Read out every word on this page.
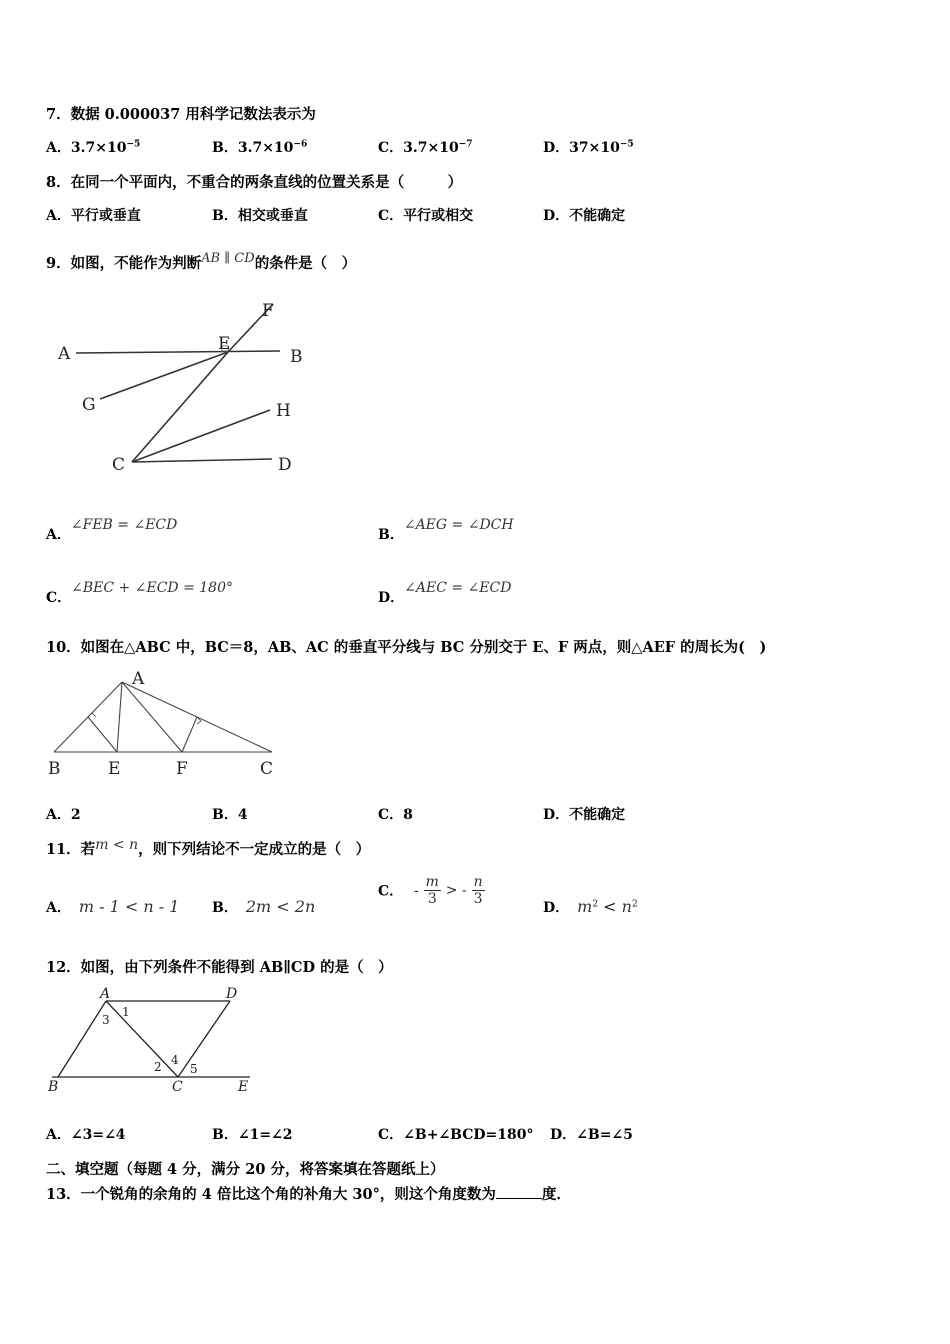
7．数据 0.000037 用科学记数法表示为
A．$3.7\times 10^{-5}$	B．$3.7\times 10^{-6}$	C．$3.7\times 10^{-7}$	D．$37\times 10^{-5}$
8．在同一个平面内，不重合的两条直线的位置关系是（　　　）
A．平行或垂直	B．相交或垂直	C．平行或相交	D．不能确定
9．如图，不能作为判断AB ∥ CD的条件是（　）
A	B
C	D
E
F
G	H
A．∠FEB = ∠ECD
B．∠AEG = ∠DCH
C．∠BEC + ∠ECD = 180°
D．∠AEC = ∠ECD
10．如图在△ABC 中，BC＝8，AB、AC 的垂直平分线与 BC 分别交于 E、F 两点，则△AEF 的周长为(　)
A
B	E	F	C
A．2	B．4	C．8	D．不能确定
11．若m < n，则下列结论不一定成立的是（　）
A． m - 1 < n - 1 B． 2m < 2n
C． - $\frac{m}{3}$ > - $\frac{n}{3}$
D． $m^2 < n^2$
12．如图，由下列条件不能得到 AB∥CD 的是（　）
A	D
B	C	E
1
3
2 4
5
A．∠3=∠4	B．∠1=∠2	C．∠B+∠BCD=180° D．∠B=∠5
二、填空题（每题 4 分，满分 20 分，将答案填在答题纸上）
13．一个锐角的余角的 4 倍比这个角的补角大 30°，则这个角度数为	度．
